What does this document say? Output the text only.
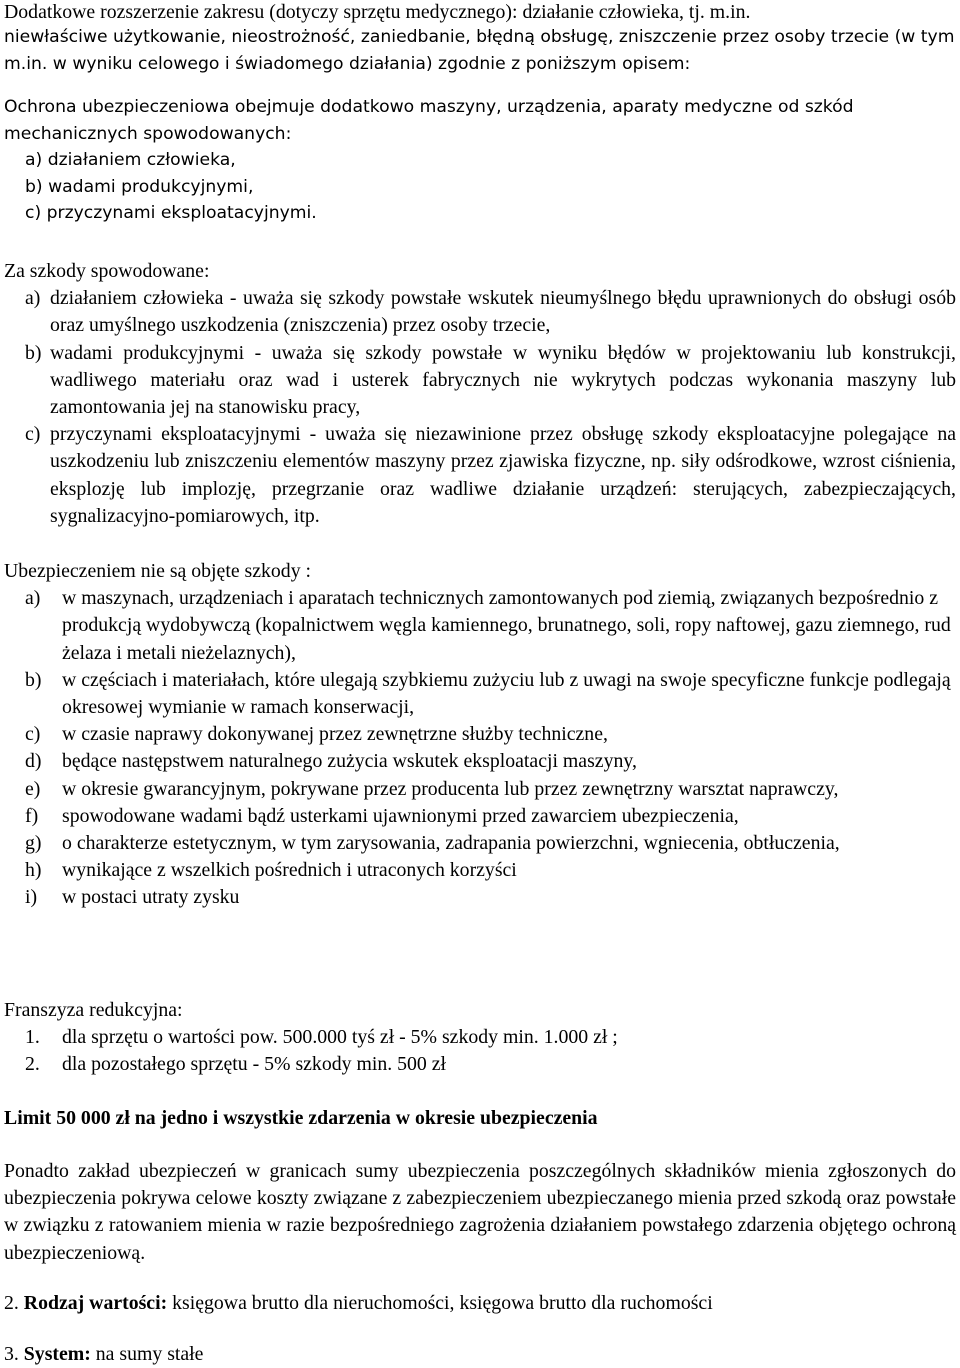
Dodatkowe rozszerzenie zakresu (dotyczy sprzętu medycznego): działanie człowieka, tj. m.in.

niewłaściwe użytkowanie, nieostrożność, zaniedbanie, błędną obsługę, zniszczenie przez osoby trzecie (w tym m.in. w wyniku celowego i świadomego działania) zgodnie z poniższym opisem:

Ochrona ubezpieczeniowa obejmuje dodatkowo maszyny, urządzenia, aparaty medyczne od szkód mechanicznych spowodowanych:

a) działaniem człowieka,
b) wadami produkcyjnymi,
c) przyczynami eksploatacyjnymi.

Za szkody spowodowane:

a) działaniem człowieka - uważa się szkody powstałe wskutek nieumyślnego błędu uprawnionych do obsługi osób oraz umyślnego uszkodzenia (zniszczenia) przez osoby trzecie,
b) wadami produkcyjnymi - uważa się szkody powstałe w wyniku błędów w projektowaniu lub konstrukcji, wadliwego materiału oraz wad i usterek fabrycznych nie wykrytych podczas wykonania maszyny lub zamontowania jej na stanowisku pracy,
c) przyczynami eksploatacyjnymi - uważa się niezawinione przez obsługę szkody eksploatacyjne polegające na uszkodzeniu lub zniszczeniu elementów maszyny przez zjawiska fizyczne, np. siły odśrodkowe, wzrost ciśnienia, eksplozję lub implozję, przegrzanie oraz wadliwe działanie urządzeń: sterujących, zabezpieczających, sygnalizacyjno-pomiarowych, itp.

Ubezpieczeniem nie są objęte szkody :

a) w maszynach, urządzeniach i aparatach technicznych zamontowanych pod ziemią, związanych bezpośrednio z produkcją wydobywczą (kopalnictwem węgla kamiennego, brunatnego, soli, ropy naftowej, gazu ziemnego, rud żelaza i metali nieżelaznych),
b) w częściach i materiałach, które ulegają szybkiemu zużyciu lub z uwagi na swoje specyficzne funkcje podlegają okresowej wymianie w ramach konserwacji,
c) w czasie naprawy dokonywanej przez zewnętrzne służby techniczne,
d) będące następstwem naturalnego zużycia wskutek eksploatacji maszyny,
e) w okresie gwarancyjnym, pokrywane przez producenta lub przez zewnętrzny warsztat naprawczy,
f) spowodowane wadami bądź usterkami ujawnionymi przed zawarciem ubezpieczenia,
g) o charakterze estetycznym, w tym zarysowania, zadrapania powierzchni, wgniecenia, obtłuczenia,
h) wynikające z wszelkich pośrednich i utraconych korzyści
i) w postaci utraty zysku

Franszyza redukcyjna:

1. dla sprzętu o wartości pow. 500.000 tyś zł - 5% szkody min. 1.000 zł ;
2. dla pozostałego sprzętu - 5% szkody min. 500 zł

Limit 50 000 zł na jedno i wszystkie zdarzenia w okresie ubezpieczenia

Ponadto zakład ubezpieczeń w granicach sumy ubezpieczenia poszczególnych składników mienia zgłoszonych do ubezpieczenia pokrywa celowe koszty związane z zabezpieczeniem ubezpieczanego mienia przed szkodą oraz powstałe w związku z ratowaniem mienia w razie bezpośredniego zagrożenia działaniem powstałego zdarzenia objętego ochroną ubezpieczeniową.

2. Rodzaj wartości: księgowa brutto dla nieruchomości, księgowa brutto dla ruchomości

3. System: na sumy stałe
